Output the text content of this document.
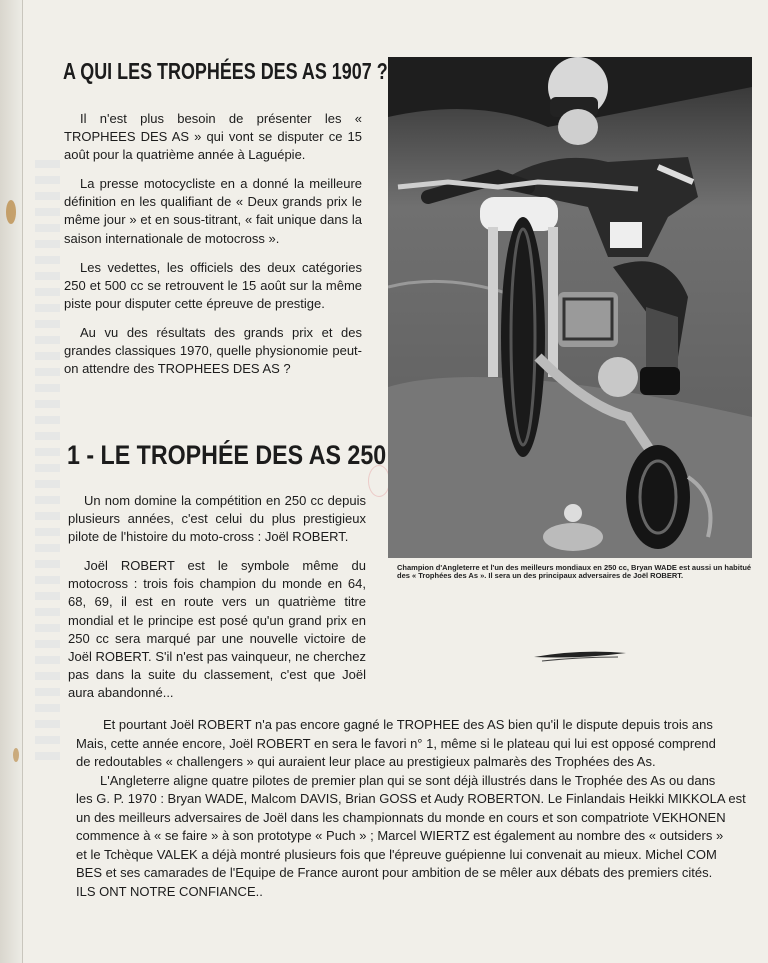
A QUI LES TROPHÉES DES AS 1907 ?

Il n'est plus besoin de présenter les « TROPHEES DES AS » qui vont se disputer ce 15 août pour la quatrième année à Laguépie.

La presse motocycliste en a donné la meilleure définition en les qualifiant de « Deux grands prix le même jour » et en sous-titrant, « fait unique dans la saison internationale de motocross ».

Les vedettes, les officiels des deux catégories 250 et 500 cc se retrouvent le 15 août sur la même piste pour disputer cette épreuve de prestige.

Au vu des résultats des grands prix et des grandes classiques 1970, quelle physionomie peut-on attendre des TROPHEES DES AS ?

1 - LE TROPHÉE DES AS 250

Un nom domine la compétition en 250 cc depuis plusieurs années, c'est celui du plus prestigieux pilote de l'histoire du moto-cross : Joël ROBERT.

Joël ROBERT est le symbole même du motocross : trois fois champion du monde en 64, 68, 69, il est en route vers un quatrième titre mondial et le principe est posé qu'un grand prix en 250 cc sera marqué par une nouvelle victoire de Joël ROBERT. S'il n'est pas vainqueur, ne cherchez pas dans la suite du classement, c'est que Joël aura abandonné...

Champion d'Angleterre et l'un des meilleurs mondiaux en 250 cc, Bryan WADE est aussi un habitué des « Trophées des As ». Il sera un des principaux adversaires de Joël ROBERT.
Et pourtant Joël ROBERT n'a pas encore gagné le TROPHEE des AS bien qu'il le dispute depuis trois ans
Mais, cette année encore, Joël ROBERT en sera le favori n° 1, même si le plateau qui lui est opposé comprend
de redoutables « challengers » qui auraient leur place au prestigieux palmarès des Trophées des As.
L'Angleterre aligne quatre pilotes de premier plan qui se sont déjà illustrés dans le Trophée des As ou dans
les G. P. 1970 : Bryan WADE, Malcom DAVIS, Brian GOSS et Audy ROBERTON. Le Finlandais Heikki MIKKOLA est
un des meilleurs adversaires de Joël dans les championnats du monde en cours et son compatriote VEKHONEN
commence à « se faire » à son prototype « Puch » ; Marcel WIERTZ est également au nombre des « outsiders »
et le Tchèque VALEK a déjà montré plusieurs fois que l'épreuve guépienne lui convenait au mieux. Michel COM
BES et ses camarades de l'Equipe de France auront pour ambition de se mêler aux débats des premiers cités.
ILS ONT NOTRE CONFIANCE..
